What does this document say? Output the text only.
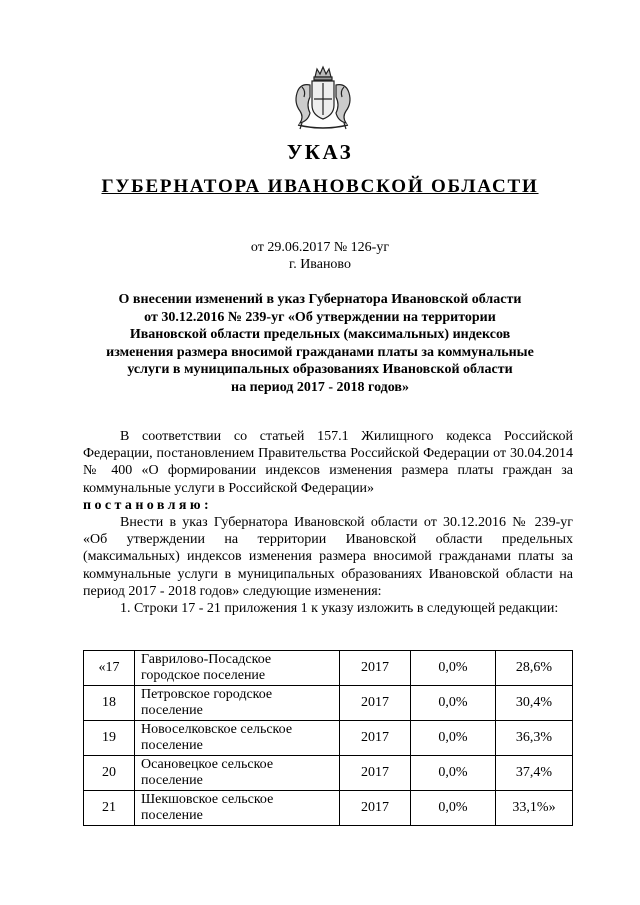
УКАЗ
ГУБЕРНАТОРА ИВАНОВСКОЙ ОБЛАСТИ
от 29.06.2017 № 126-уг
г. Иваново
О внесении изменений в указ Губернатора Ивановской области
от 30.12.2016 № 239-уг «Об утверждении на территории
Ивановской области предельных (максимальных) индексов
изменения размера вносимой гражданами платы за коммунальные
услуги в муниципальных образованиях Ивановской области
на период 2017 - 2018 годов»

В соответствии со статьей 157.1 Жилищного кодекса Российской Федерации, постановлением Правительства Российской Федерации от 30.04.2014 № 400 «О формировании индексов изменения размера платы граждан за коммунальные услуги в Российской Федерации»

постановляю:

Внести в указ Губернатора Ивановской области от 30.12.2016 № 239-уг «Об утверждении на территории Ивановской области предельных (максимальных) индексов изменения размера вносимой гражданами платы за коммунальные услуги в муниципальных образованиях Ивановской области на период 2017 - 2018 годов» следующие изменения:

1. Строки 17 - 21 приложения 1 к указу изложить в следующей редакции:

«17	Гаврилово-Посадское городское поселение	2017	0,0%	28,6%
18	Петровское городское поселение	2017	0,0%	30,4%
19	Новоселковское сельское поселение	2017	0,0%	36,3%
20	Осановецкое сельское поселение	2017	0,0%	37,4%
21	Шекшовское сельское поселение	2017	0,0%	33,1%»
